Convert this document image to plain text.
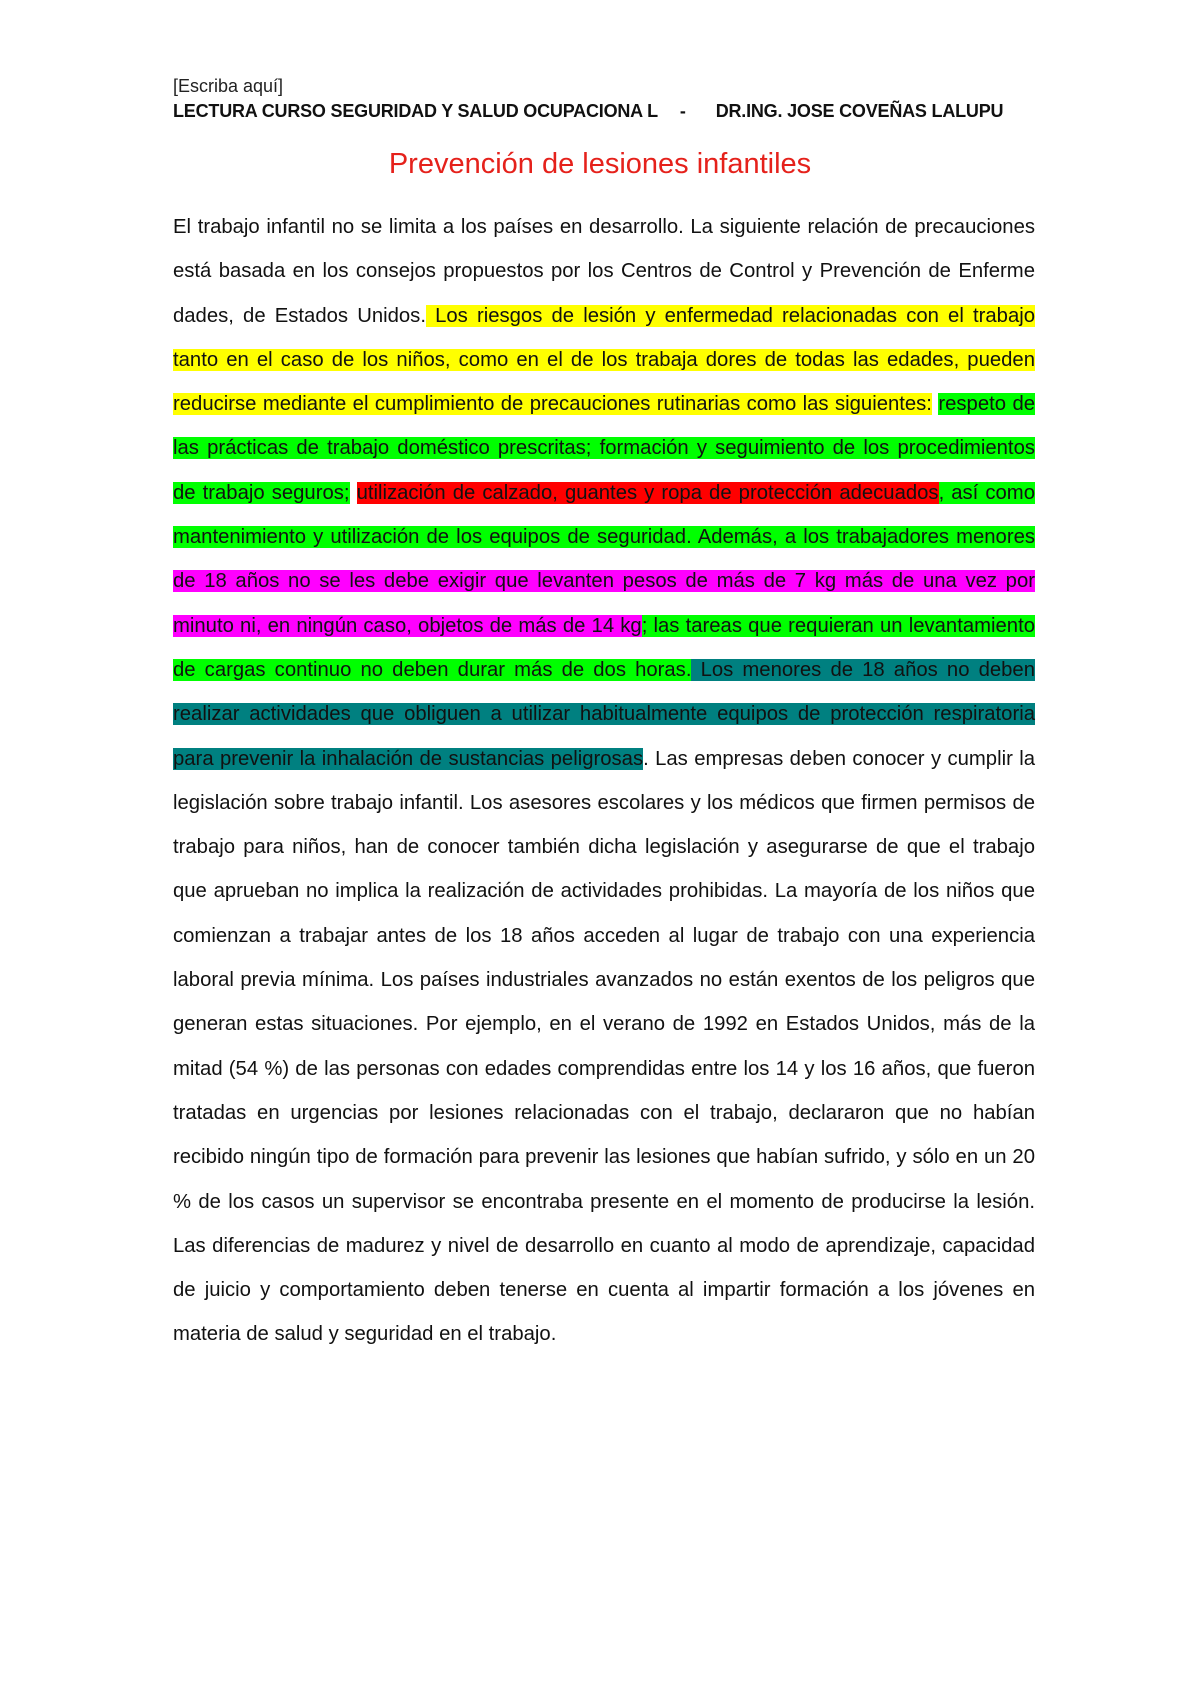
[Escriba aquí]
LECTURA CURSO SEGURIDAD Y SALUD OCUPACIONA L - DR.ING. JOSE COVEÑAS LALUPU
Prevención de lesiones infantiles
El trabajo infantil no se limita a los países en desarrollo. La siguiente relación de precauciones está basada en los consejos propuestos por los Centros de Control y Prevención de Enferme dades, de Estados Unidos. Los riesgos de lesión y enfermedad relacionadas con el trabajo tanto en el caso de los niños, como en el de los trabaja dores de todas las edades, pueden reducirse mediante el cumplimiento de precauciones rutinarias como las siguientes: respeto de las prácticas de trabajo doméstico prescritas; formación y seguimiento de los procedimientos de trabajo seguros; utilización de calzado, guantes y ropa de protección adecuados, así como mantenimiento y utilización de los equipos de seguridad. Además, a los trabajadores menores de 18 años no se les debe exigir que levanten pesos de más de 7 kg más de una vez por minuto ni, en ningún caso, objetos de más de 14 kg; las tareas que requieran un levantamiento de cargas continuo no deben durar más de dos horas. Los menores de 18 años no deben realizar actividades que obliguen a utilizar habitualmente equipos de protección respiratoria para prevenir la inhalación de sustancias peligrosas. Las empresas deben conocer y cumplir la legislación sobre trabajo infantil. Los asesores escolares y los médicos que firmen permisos de trabajo para niños, han de conocer también dicha legislación y asegurarse de que el trabajo que aprueban no implica la realización de actividades prohibidas. La mayoría de los niños que comienzan a trabajar antes de los 18 años acceden al lugar de trabajo con una experiencia laboral previa mínima. Los países industriales avanzados no están exentos de los peligros que generan estas situaciones. Por ejemplo, en el verano de 1992 en Estados Unidos, más de la mitad (54 %) de las personas con edades comprendidas entre los 14 y los 16 años, que fueron tratadas en urgencias por lesiones relacionadas con el trabajo, declararon que no habían recibido ningún tipo de formación para prevenir las lesiones que habían sufrido, y sólo en un 20 % de los casos un supervisor se encontraba presente en el momento de producirse la lesión. Las diferencias de madurez y nivel de desarrollo en cuanto al modo de aprendizaje, capacidad de juicio y comportamiento deben tenerse en cuenta al impartir formación a los jóvenes en materia de salud y seguridad en el trabajo.
